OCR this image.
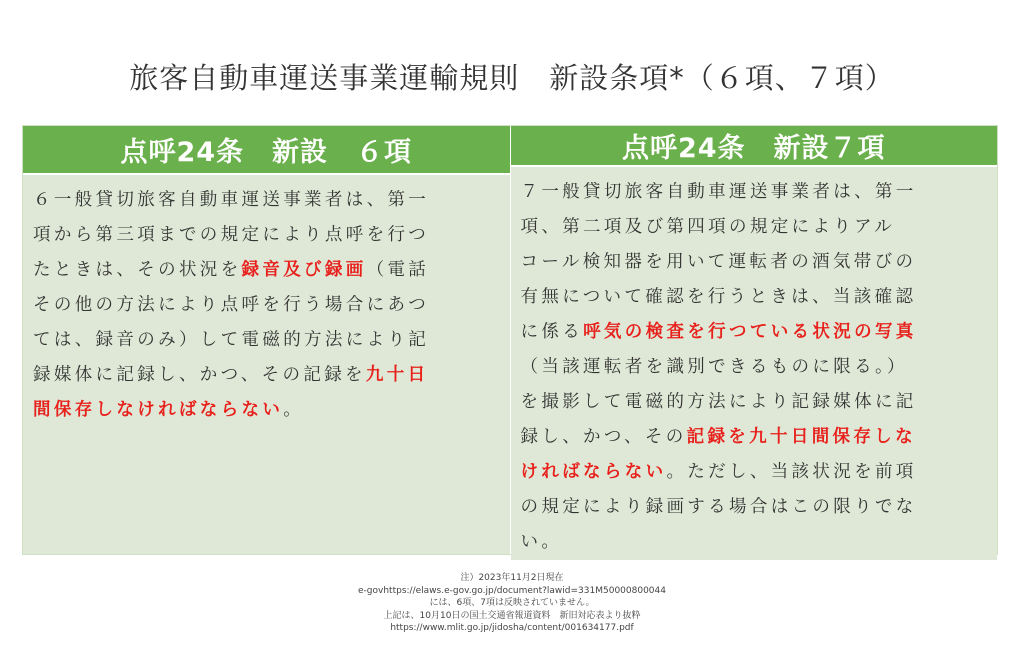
旅客自動車運送事業運輸規則　新設条項*（６項、７項）
点呼24条　新設　６項
６一般貸切旅客自動車運送事業者は、第一
項から第三項までの規定により点呼を行つ
たときは、その状況を録音及び録画（電話
その他の方法により点呼を行う場合にあつ
ては、録音のみ）して電磁的方法により記
録媒体に記録し、かつ、その記録を九十日
間保存しなければならない。
点呼24条　新設７項
７一般貸切旅客自動車運送事業者は、第一
項、第二項及び第四項の規定によりアル
コール検知器を用いて運転者の酒気帯びの
有無について確認を行うときは、当該確認
に係る呼気の検査を行つている状況の写真
（当該運転者を識別できるものに限る。）
を撮影して電磁的方法により記録媒体に記
録し、かつ、その記録を九十日間保存しな
ければならない。ただし、当該状況を前項
の規定により録画する場合はこの限りでな
い。
注）2023年11月2日現在
e-govhttps://elaws.e-gov.go.jp/document?lawid=331M50000800044
には、6項、7項は反映されていません。
上記は、10月10日の国土交通省報道資料　新旧対応表より抜粋
https://www.mlit.go.jp/jidosha/content/001634177.pdf
